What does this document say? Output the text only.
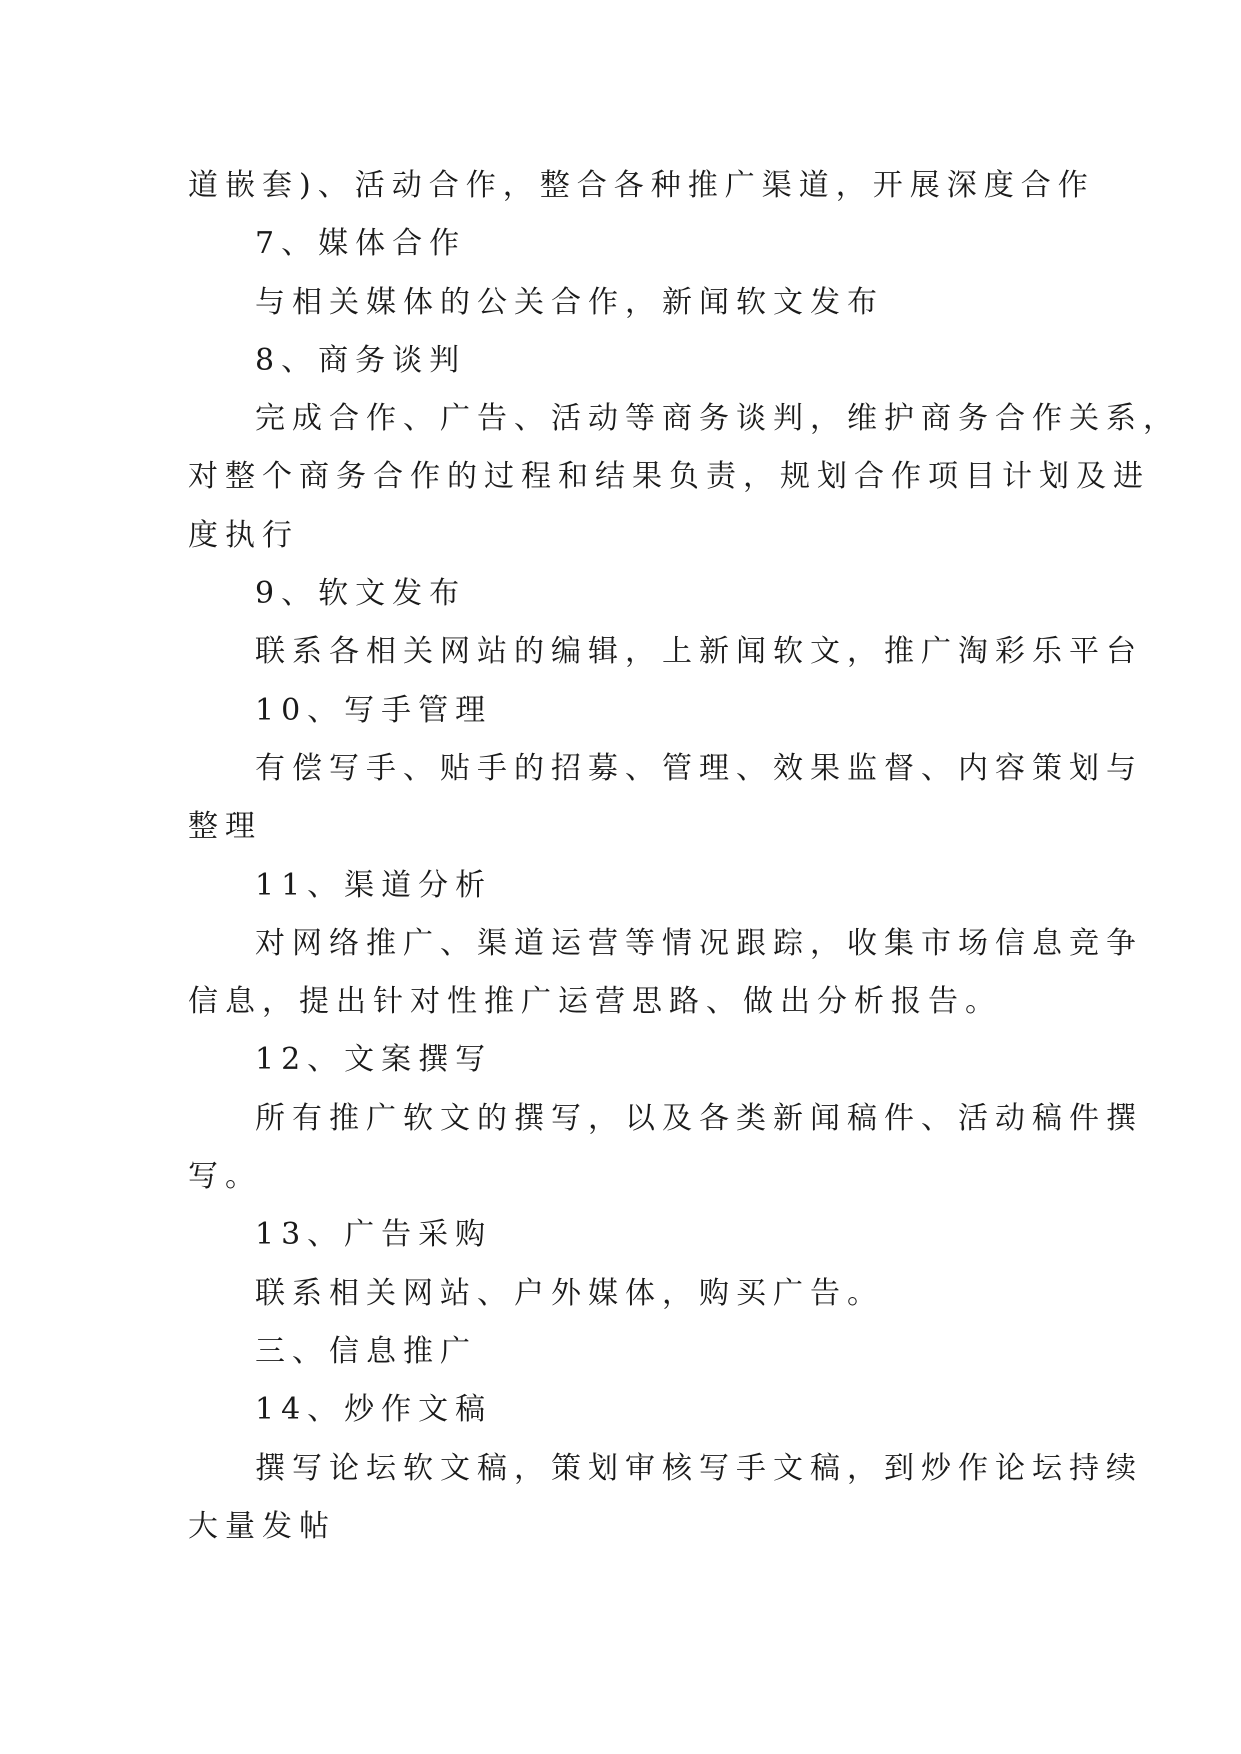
道嵌套)、活动合作，整合各种推广渠道，开展深度合作
7、媒体合作
与相关媒体的公关合作，新闻软文发布
8、商务谈判
完成合作、广告、活动等商务谈判，维护商务合作关系，
对整个商务合作的过程和结果负责，规划合作项目计划及进
度执行
9、软文发布
联系各相关网站的编辑，上新闻软文，推广淘彩乐平台
10、写手管理
有偿写手、贴手的招募、管理、效果监督、内容策划与
整理
11、渠道分析
对网络推广、渠道运营等情况跟踪，收集市场信息竞争
信息，提出针对性推广运营思路、做出分析报告。
12、文案撰写
所有推广软文的撰写，以及各类新闻稿件、活动稿件撰
写。
13、广告采购
联系相关网站、户外媒体，购买广告。
三、信息推广
14、炒作文稿
撰写论坛软文稿，策划审核写手文稿，到炒作论坛持续
大量发帖
